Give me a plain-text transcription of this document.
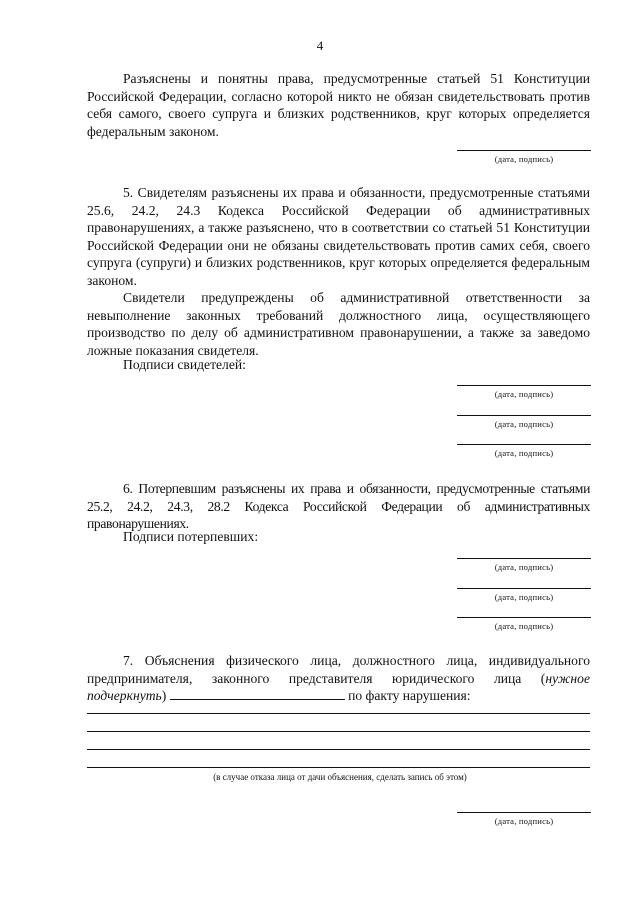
4

Разъяснены и понятны права, предусмотренные статьей 51 Конституции Российской Федерации, согласно которой никто не обязан свидетельствовать против себя самого, своего супруга и близких родственников, круг которых определяется федеральным законом.

(дата, подпись)

5. Свидетелям разъяснены их права и обязанности, предусмотренные статьями 25.6, 24.2, 24.3 Кодекса Российской Федерации об административных правонарушениях, а также разъяснено, что в соответствии со статьей 51 Конституции Российской Федерации они не обязаны свидетельствовать против самих себя, своего супруга (супруги) и близких родственников, круг которых определяется федеральным законом.

Свидетели предупреждены об административной ответственности за невыполнение законных требований должностного лица, осуществляющего производство по делу об административном правонарушении, а также за заведомо ложные показания свидетеля.

Подписи свидетелей:

(дата, подпись)
(дата, подпись)
(дата, подпись)

6. Потерпевшим разъяснены их права и обязанности, предусмотренные статьями 25.2, 24.2, 24.3, 28.2 Кодекса Российской Федерации об административных правонарушениях.

Подписи потерпевших:

(дата, подпись)
(дата, подпись)
(дата, подпись)

7. Объяснения физического лица, должностного лица, индивидуального предпринимателя, законного представителя юридического лица (нужное подчеркнуть)	по факту нарушения:

(в случае отказа лица от дачи объяснения, сделать запись об этом)
(дата, подпись)
